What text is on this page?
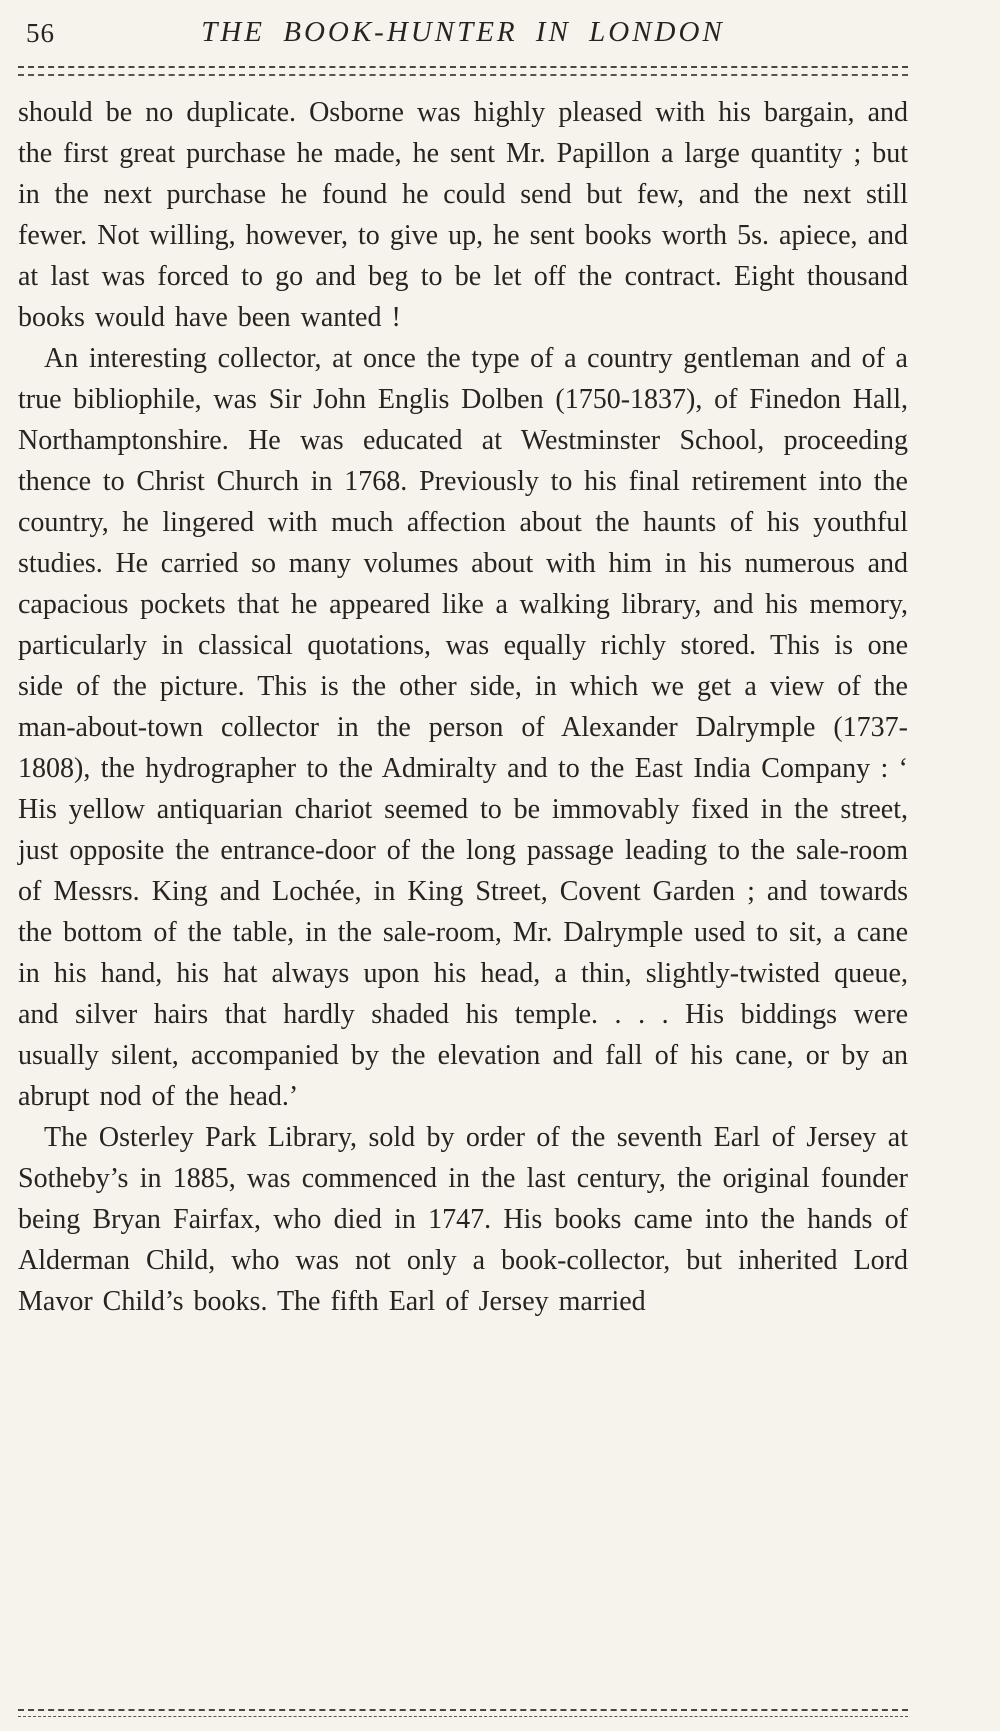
56	THE BOOK-HUNTER IN LONDON

should be no duplicate. Osborne was highly pleased with his bargain, and the first great purchase he made, he sent Mr. Papillon a large quantity ; but in the next purchase he found he could send but few, and the next still fewer. Not willing, however, to give up, he sent books worth 5s. apiece, and at last was forced to go and beg to be let off the contract. Eight thousand books would have been wanted !

An interesting collector, at once the type of a country gentleman and of a true bibliophile, was Sir John Englis Dolben (1750-1837), of Finedon Hall, Northamptonshire. He was educated at Westminster School, proceeding thence to Christ Church in 1768. Previously to his final retirement into the country, he lingered with much affection about the haunts of his youthful studies. He carried so many volumes about with him in his numerous and capacious pockets that he appeared like a walking library, and his memory, particularly in classical quotations, was equally richly stored. This is one side of the picture. This is the other side, in which we get a view of the man-about-town collector in the person of Alexander Dalrymple (1737-1808), the hydrographer to the Admiralty and to the East India Company : ‘ His yellow antiquarian chariot seemed to be immovably fixed in the street, just opposite the entrance-door of the long passage leading to the sale-room of Messrs. King and Lochée, in King Street, Covent Garden ; and towards the bottom of the table, in the sale-room, Mr. Dalrymple used to sit, a cane in his hand, his hat always upon his head, a thin, slightly-twisted queue, and silver hairs that hardly shaded his temple. . . . His biddings were usually silent, accompanied by the elevation and fall of his cane, or by an abrupt nod of the head.’

The Osterley Park Library, sold by order of the seventh Earl of Jersey at Sotheby’s in 1885, was commenced in the last century, the original founder being Bryan Fairfax, who died in 1747. His books came into the hands of Alderman Child, who was not only a book-collector, but inherited Lord Mavor Child’s books. The fifth Earl of Jersey married
